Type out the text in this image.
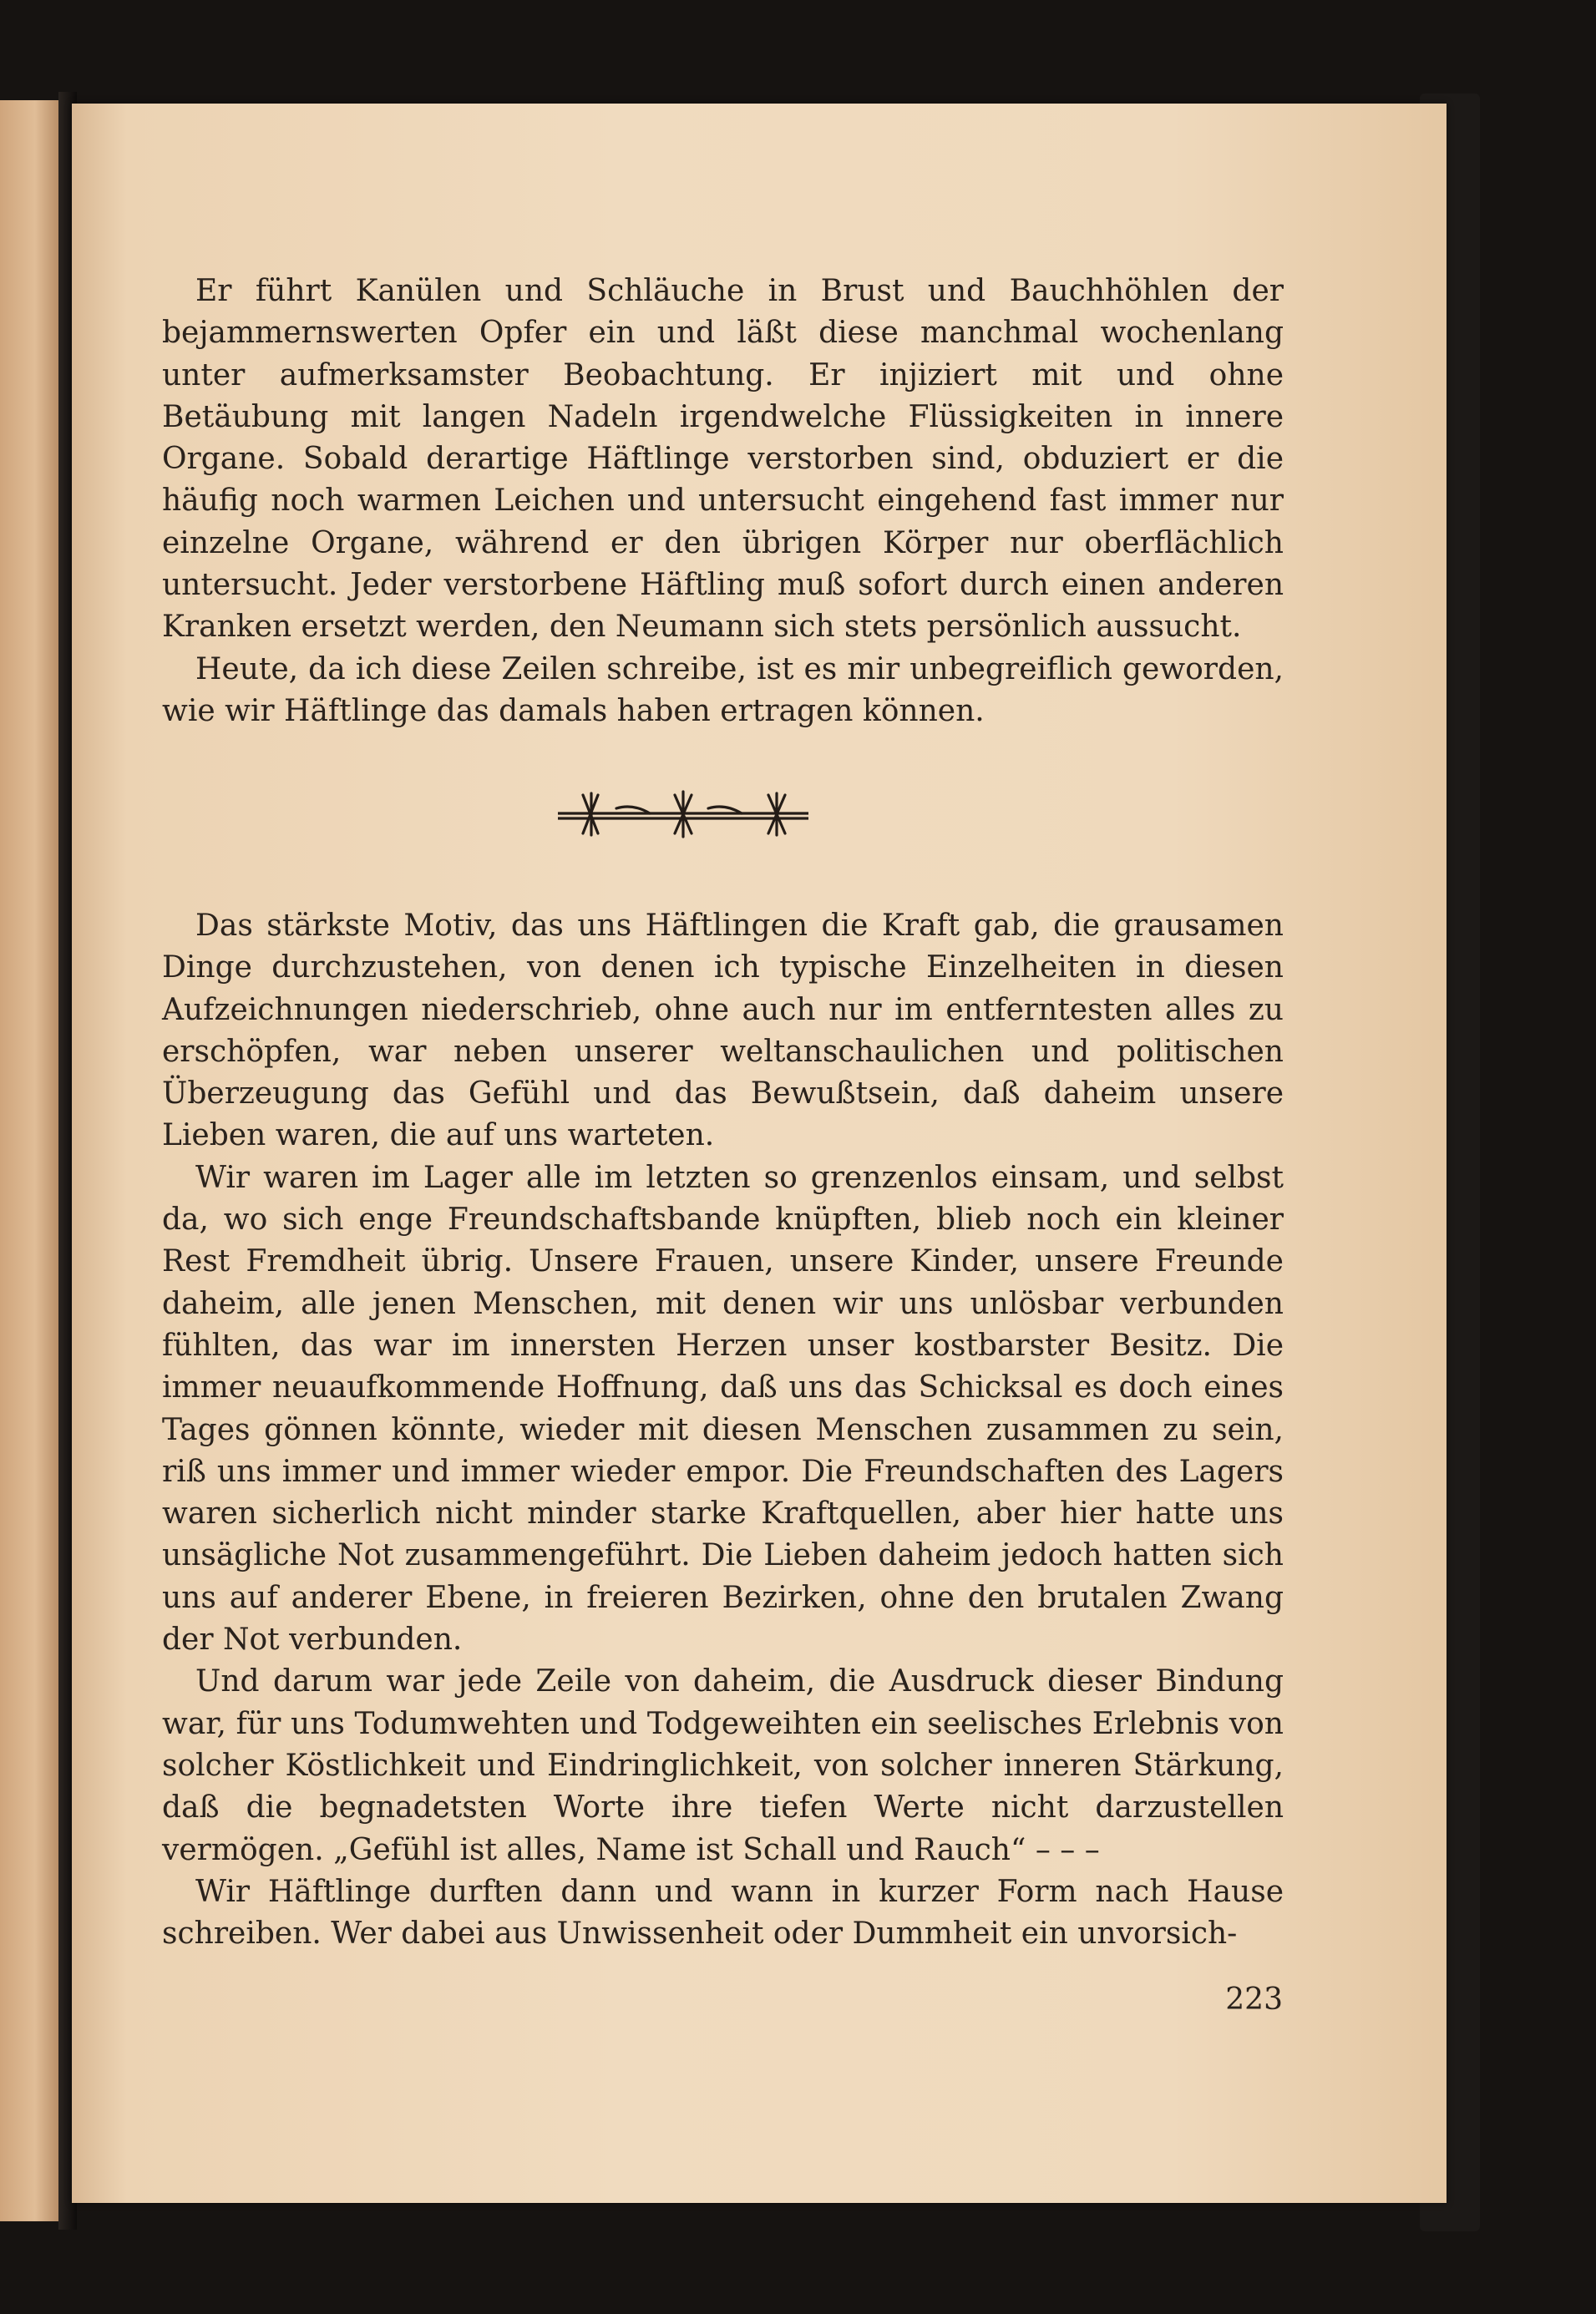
Er führt Kanülen und Schläuche in Brust und Bauchhöhlen der bejammernswerten Opfer ein und läßt diese manchmal wochenlang unter aufmerksamster Beobachtung. Er injiziert mit und ohne Betäubung mit langen Nadeln irgendwelche Flüssigkeiten in innere Organe. Sobald derartige Häftlinge verstorben sind, obduziert er die häufig noch warmen Leichen und untersucht eingehend fast immer nur einzelne Organe, während er den übrigen Körper nur oberflächlich untersucht. Jeder verstorbene Häftling muß sofort durch einen anderen Kranken ersetzt werden, den Neumann sich stets persönlich aussucht.

Heute, da ich diese Zeilen schreibe, ist es mir unbegreiflich geworden, wie wir Häftlinge das damals haben ertragen können.

Das stärkste Motiv, das uns Häftlingen die Kraft gab, die grausamen Dinge durchzustehen, von denen ich typische Einzelheiten in diesen Aufzeichnungen niederschrieb, ohne auch nur im entferntesten alles zu erschöpfen, war neben unserer weltanschaulichen und politischen Überzeugung das Gefühl und das Bewußtsein, daß daheim unsere Lieben waren, die auf uns warteten.

Wir waren im Lager alle im letzten so grenzenlos einsam, und selbst da, wo sich enge Freundschaftsbande knüpften, blieb noch ein kleiner Rest Fremdheit übrig. Unsere Frauen, unsere Kinder, unsere Freunde daheim, alle jenen Menschen, mit denen wir uns unlösbar verbunden fühlten, das war im innersten Herzen unser kostbarster Besitz. Die immer neuaufkommende Hoffnung, daß uns das Schicksal es doch eines Tages gönnen könnte, wieder mit diesen Menschen zusammen zu sein, riß uns immer und immer wieder empor. Die Freundschaften des Lagers waren sicherlich nicht minder starke Kraftquellen, aber hier hatte uns unsägliche Not zusammengeführt. Die Lieben daheim jedoch hatten sich uns auf anderer Ebene, in freieren Bezirken, ohne den brutalen Zwang der Not verbunden.

Und darum war jede Zeile von daheim, die Ausdruck dieser Bindung war, für uns Todumwehten und Todgeweihten ein seelisches Erlebnis von solcher Köstlichkeit und Eindringlichkeit, von solcher inneren Stärkung, daß die begnadetsten Worte ihre tiefen Werte nicht darzustellen vermögen. „Gefühl ist alles, Name ist Schall und Rauch“ – – –

Wir Häftlinge durften dann und wann in kurzer Form nach Hause schreiben. Wer dabei aus Unwissenheit oder Dummheit ein unvorsich-

223
